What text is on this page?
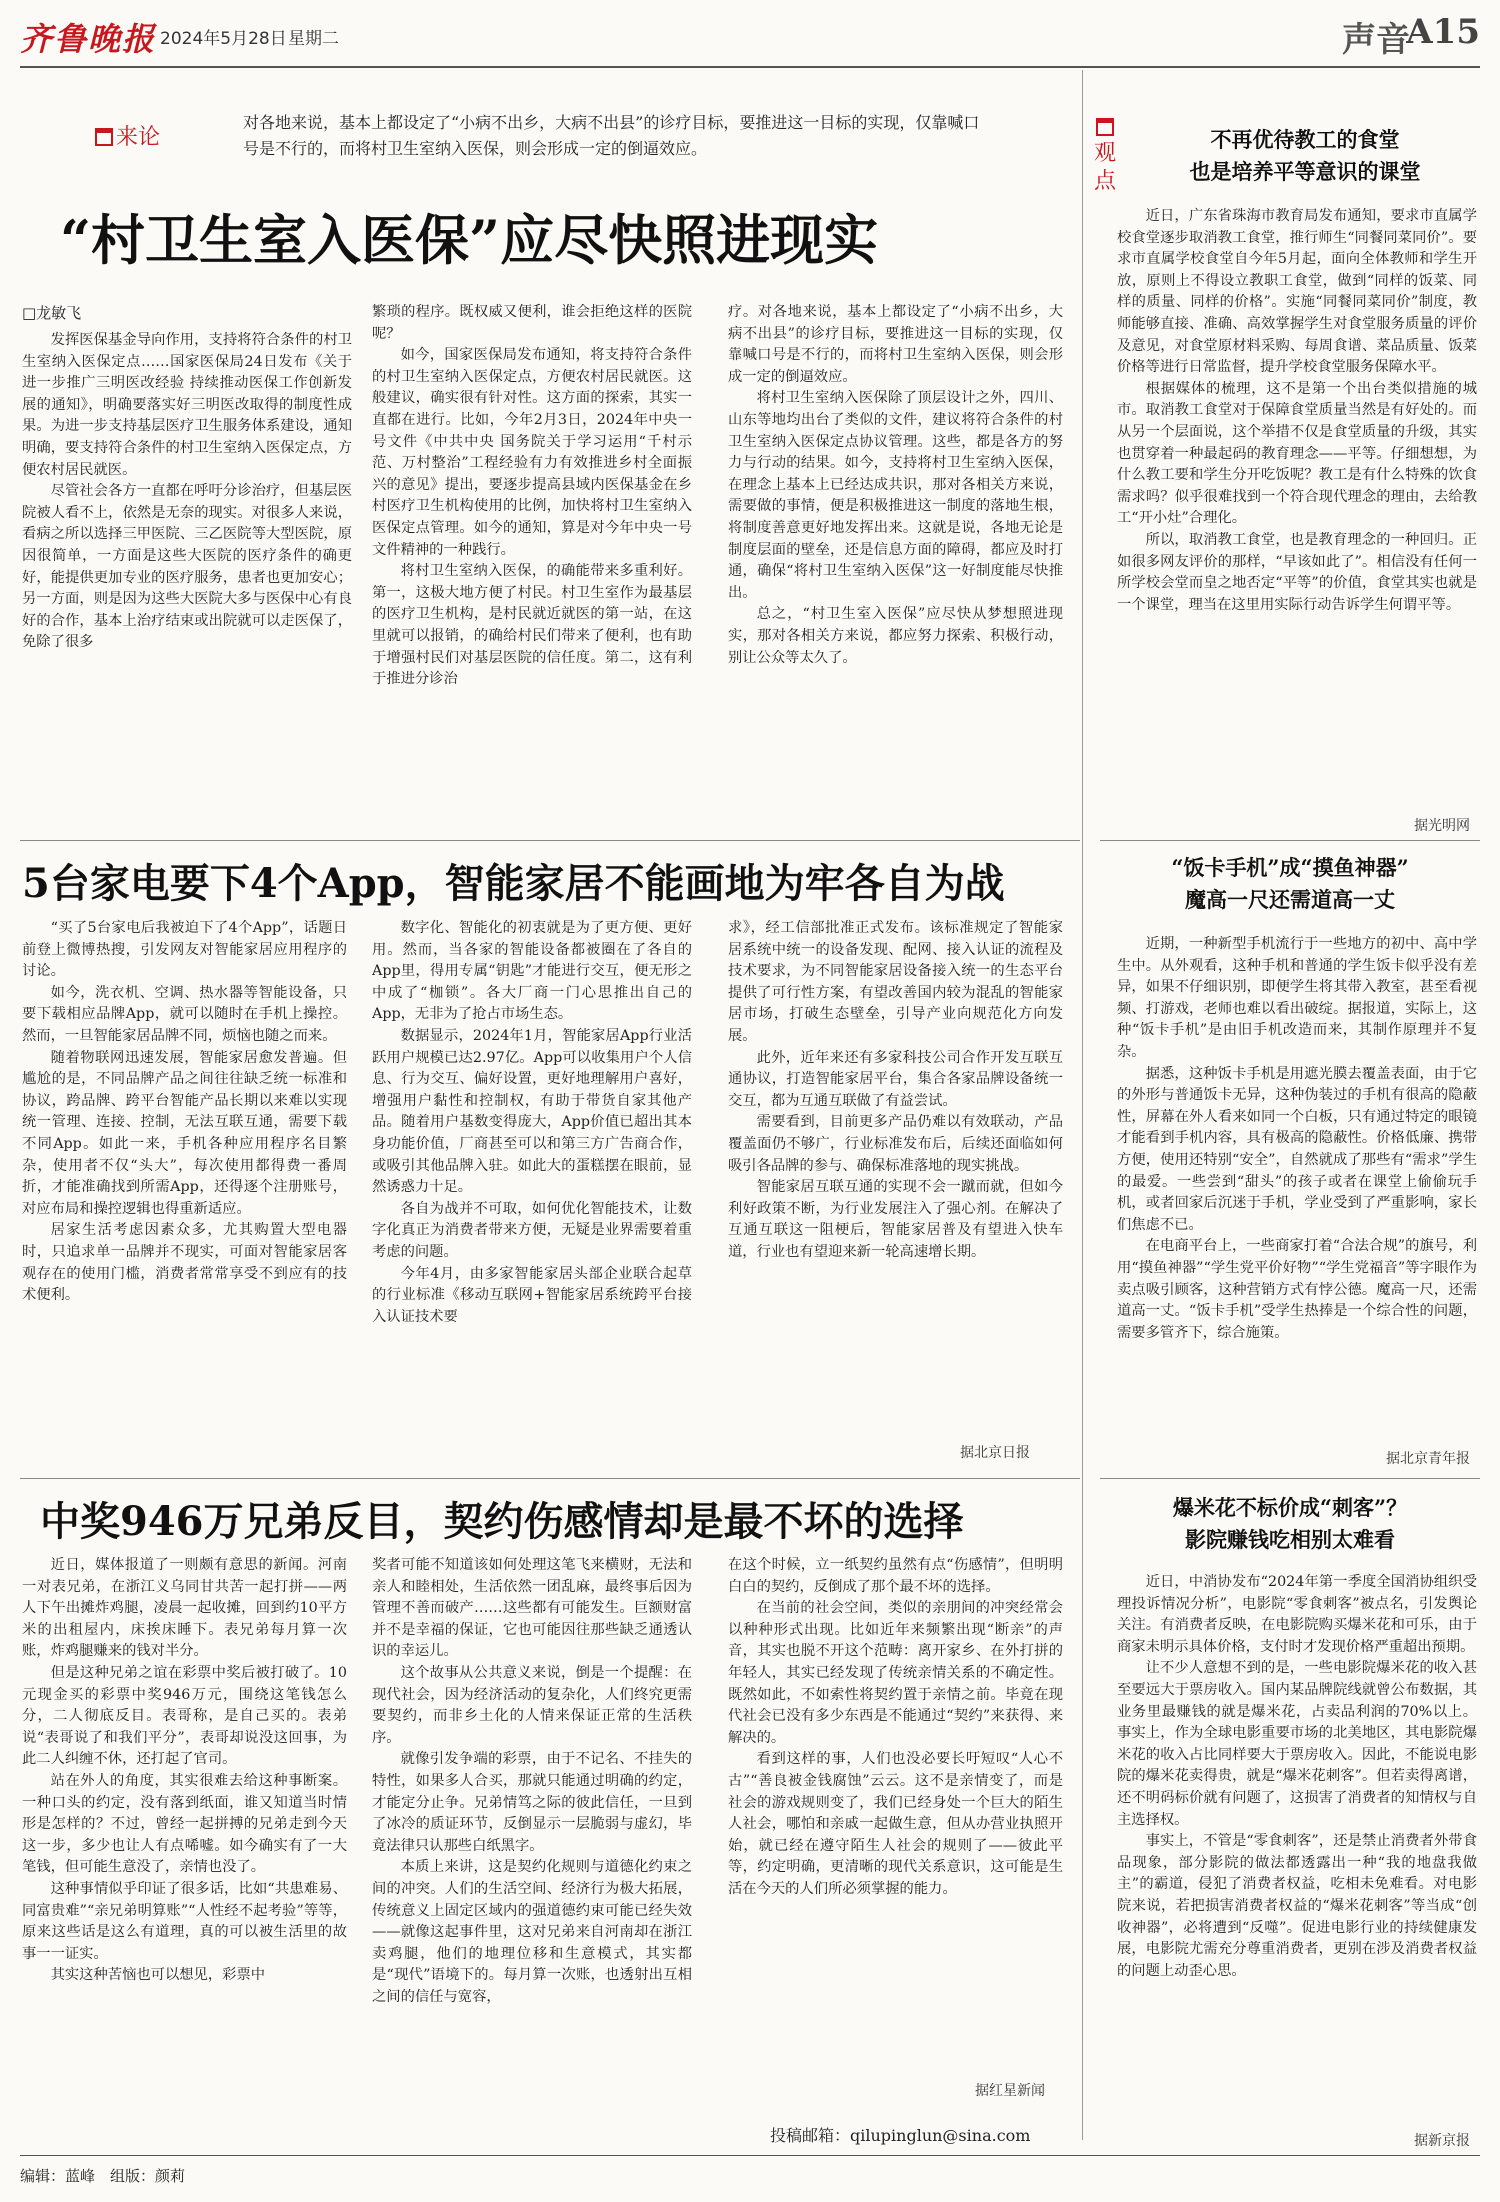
齐鲁晚报 2024年5月28日 星期二	声音
A15
来论
对各地来说，基本上都设定了“小病不出乡，大病不出县”的诊疗目标，要推进这一目标的实现，仅靠喊口号是不行的，而将村卫生室纳入医保，则会形成一定的倒逼效应。
“村卫生室入医保”应尽快照进现实
□龙敏飞

发挥医保基金导向作用，支持将符合条件的村卫生室纳入医保定点……国家医保局24日发布《关于进一步推广三明医改经验 持续推动医保工作创新发展的通知》，明确要落实好三明医改取得的制度性成果。为进一步支持基层医疗卫生服务体系建设，通知明确，要支持符合条件的村卫生室纳入医保定点，方便农村居民就医。

尽管社会各方一直都在呼吁分诊治疗，但基层医院被人看不上，依然是无奈的现实。对很多人来说，看病之所以选择三甲医院、三乙医院等大型医院，原因很简单，一方面是这些大医院的医疗条件的确更好，能提供更加专业的医疗服务，患者也更加安心；另一方面，则是因为这些大医院大多与医保中心有良好的合作，基本上治疗结束或出院就可以走医保了，免除了很多

繁琐的程序。既权威又便利，谁会拒绝这样的医院呢？

如今，国家医保局发布通知，将支持符合条件的村卫生室纳入医保定点，方便农村居民就医。这般建议，确实很有针对性。这方面的探索，其实一直都在进行。比如，今年2月3日，2024年中央一号文件《中共中央 国务院关于学习运用“千村示范、万村整治”工程经验有力有效推进乡村全面振兴的意见》提出，要逐步提高县域内医保基金在乡村医疗卫生机构使用的比例，加快将村卫生室纳入医保定点管理。如今的通知，算是对今年中央一号文件精神的一种践行。

将村卫生室纳入医保，的确能带来多重利好。第一，这极大地方便了村民。村卫生室作为最基层的医疗卫生机构，是村民就近就医的第一站，在这里就可以报销，的确给村民们带来了便利，也有助于增强村民们对基层医院的信任度。第二，这有利于推进分诊治

疗。对各地来说，基本上都设定了“小病不出乡，大病不出县”的诊疗目标，要推进这一目标的实现，仅靠喊口号是不行的，而将村卫生室纳入医保，则会形成一定的倒逼效应。

将村卫生室纳入医保除了顶层设计之外，四川、山东等地均出台了类似的文件，建议将符合条件的村卫生室纳入医保定点协议管理。这些，都是各方的努力与行动的结果。如今，支持将村卫生室纳入医保，在理念上基本上已经达成共识，那对各相关方来说，需要做的事情，便是积极推进这一制度的落地生根，将制度善意更好地发挥出来。这就是说，各地无论是制度层面的壁垒，还是信息方面的障碍，都应及时打通，确保“将村卫生室纳入医保”这一好制度能尽快推出。

总之，“村卫生室入医保”应尽快从梦想照进现实，那对各相关方来说，都应努力探索、积极行动，别让公众等太久了。

5台家电要下4个App，智能家居不能画地为牢各自为战

“买了5台家电后我被迫下了4个App”，话题日前登上微博热搜，引发网友对智能家居应用程序的讨论。

如今，洗衣机、空调、热水器等智能设备，只要下载相应品牌App，就可以随时在手机上操控。然而，一旦智能家居品牌不同，烦恼也随之而来。

随着物联网迅速发展，智能家居愈发普遍。但尴尬的是，不同品牌产品之间往往缺乏统一标准和协议，跨品牌、跨平台智能产品长期以来难以实现统一管理、连接、控制，无法互联互通，需要下载不同App。如此一来，手机各种应用程序名目繁杂，使用者不仅“头大”，每次使用都得费一番周折，才能准确找到所需App，还得逐个注册账号，对应布局和操控逻辑也得重新适应。

居家生活考虑因素众多，尤其购置大型电器时，只追求单一品牌并不现实，可面对智能家居客观存在的使用门槛，消费者常常享受不到应有的技术便利。

数字化、智能化的初衷就是为了更方便、更好用。然而，当各家的智能设备都被圈在了各自的App里，得用专属“钥匙”才能进行交互，便无形之中成了“枷锁”。各大厂商一门心思推出自己的App，无非为了抢占市场生态。

数据显示，2024年1月，智能家居App行业活跃用户规模已达2.97亿。App可以收集用户个人信息、行为交互、偏好设置，更好地理解用户喜好，增强用户黏性和控制权，有助于带货自家其他产品。随着用户基数变得庞大，App价值已超出其本身功能价值，厂商甚至可以和第三方广告商合作，或吸引其他品牌入驻。如此大的蛋糕摆在眼前，显然诱惑力十足。

各自为战并不可取，如何优化智能技术，让数字化真正为消费者带来方便，无疑是业界需要着重考虑的问题。

今年4月，由多家智能家居头部企业联合起草的行业标准《移动互联网+智能家居系统跨平台接入认证技术要

求》，经工信部批准正式发布。该标准规定了智能家居系统中统一的设备发现、配网、接入认证的流程及技术要求，为不同智能家居设备接入统一的生态平台提供了可行性方案，有望改善国内较为混乱的智能家居市场，打破生态壁垒，引导产业向规范化方向发展。

此外，近年来还有多家科技公司合作开发互联互通协议，打造智能家居平台，集合各家品牌设备统一交互，都为互通互联做了有益尝试。

需要看到，目前更多产品仍难以有效联动，产品覆盖面仍不够广，行业标准发布后，后续还面临如何吸引各品牌的参与、确保标准落地的现实挑战。

智能家居互联互通的实现不会一蹴而就，但如今利好政策不断，为行业发展注入了强心剂。在解决了互通互联这一阻梗后，智能家居普及有望进入快车道，行业也有望迎来新一轮高速增长期。

据北京日报
中奖946万兄弟反目，契约伤感情却是最不坏的选择

近日，媒体报道了一则颇有意思的新闻。河南一对表兄弟，在浙江义乌同甘共苦一起打拼——两人下午出摊炸鸡腿，凌晨一起收摊，回到约10平方米的出租屋内，床挨床睡下。表兄弟每月算一次账，炸鸡腿赚来的钱对半分。

但是这种兄弟之谊在彩票中奖后被打破了。10元现金买的彩票中奖946万元，围绕这笔钱怎么分，二人彻底反目。表哥称，是自己买的。表弟说“表哥说了和我们平分”，表哥却说没这回事，为此二人纠缠不休，还打起了官司。

站在外人的角度，其实很难去给这种事断案。一种口头的约定，没有落到纸面，谁又知道当时情形是怎样的？不过，曾经一起拼搏的兄弟走到今天这一步，多少也让人有点唏嘘。如今确实有了一大笔钱，但可能生意没了，亲情也没了。

这种事情似乎印证了很多话，比如“共患难易、同富贵难”“亲兄弟明算账”“人性经不起考验”等等，原来这些话是这么有道理，真的可以被生活里的故事一一证实。

其实这种苦恼也可以想见，彩票中

奖者可能不知道该如何处理这笔飞来横财，无法和亲人和睦相处，生活依然一团乱麻，最终事后因为管理不善而破产……这些都有可能发生。巨额财富并不是幸福的保证，它也可能因往那些缺乏通透认识的幸运儿。

这个故事从公共意义来说，倒是一个提醒：在现代社会，因为经济活动的复杂化，人们终究更需要契约，而非乡土化的人情来保证正常的生活秩序。

就像引发争端的彩票，由于不记名、不挂失的特性，如果多人合买，那就只能通过明确的约定，才能定分止争。兄弟情笃之际的彼此信任，一旦到了冰冷的质证环节，反倒显示一层脆弱与虚幻，毕竟法律只认那些白纸黑字。

本质上来讲，这是契约化规则与道德化约束之间的冲突。人们的生活空间、经济行为极大拓展，传统意义上固定区域内的强道德约束可能已经失效——就像这起事件里，这对兄弟来自河南却在浙江卖鸡腿，他们的地理位移和生意模式，其实都是“现代”语境下的。每月算一次账，也透射出互相之间的信任与宽容，

在这个时候，立一纸契约虽然有点“伤感情”，但明明白白的契约，反倒成了那个最不坏的选择。

在当前的社会空间，类似的亲朋间的冲突经常会以种种形式出现。比如近年来频繁出现“断亲”的声音，其实也脱不开这个范畴：离开家乡、在外打拼的年轻人，其实已经发现了传统亲情关系的不确定性。既然如此，不如索性将契约置于亲情之前。毕竟在现代社会已没有多少东西是不能通过“契约”来获得、来解决的。

看到这样的事，人们也没必要长吁短叹“人心不古”“善良被金钱腐蚀”云云。这不是亲情变了，而是社会的游戏规则变了，我们已经身处一个巨大的陌生人社会，哪怕和亲戚一起做生意，但从办营业执照开始，就已经在遵守陌生人社会的规则了——彼此平等，约定明确，更清晰的现代关系意识，这可能是生活在今天的人们所必须掌握的能力。

据红星新闻
投稿邮箱：qilupinglun@sina.com
观点
不再优待教工的食堂
也是培养平等意识的课堂

近日，广东省珠海市教育局发布通知，要求市直属学校食堂逐步取消教工食堂，推行师生“同餐同菜同价”。要求市直属学校食堂自今年5月起，面向全体教师和学生开放，原则上不得设立教职工食堂，做到“同样的饭菜、同样的质量、同样的价格”。实施“同餐同菜同价”制度，教师能够直接、准确、高效掌握学生对食堂服务质量的评价及意见，对食堂原材料采购、每周食谱、菜品质量、饭菜价格等进行日常监督，提升学校食堂服务保障水平。

根据媒体的梳理，这不是第一个出台类似措施的城市。取消教工食堂对于保障食堂质量当然是有好处的。而从另一个层面说，这个举措不仅是食堂质量的升级，其实也贯穿着一种最起码的教育理念——平等。仔细想想，为什么教工要和学生分开吃饭呢？教工是有什么特殊的饮食需求吗？似乎很难找到一个符合现代理念的理由，去给教工“开小灶”合理化。

所以，取消教工食堂，也是教育理念的一种回归。正如很多网友评价的那样，“早该如此了”。相信没有任何一所学校会堂而皇之地否定“平等”的价值，食堂其实也就是一个课堂，理当在这里用实际行动告诉学生何谓平等。

据光明网
“饭卡手机”成“摸鱼神器”
魔高一尺还需道高一丈

近期，一种新型手机流行于一些地方的初中、高中学生中。从外观看，这种手机和普通的学生饭卡似乎没有差异，如果不仔细识别，即便学生将其带入教室，甚至看视频、打游戏，老师也难以看出破绽。据报道，实际上，这种“饭卡手机”是由旧手机改造而来，其制作原理并不复杂。

据悉，这种饭卡手机是用遮光膜去覆盖表面，由于它的外形与普通饭卡无异，这种伪装过的手机有很高的隐蔽性，屏幕在外人看来如同一个白板，只有通过特定的眼镜才能看到手机内容，具有极高的隐蔽性。价格低廉、携带方便，使用还特别“安全”，自然就成了那些有“需求”学生的最爱。一些尝到“甜头”的孩子或者在课堂上偷偷玩手机，或者回家后沉迷于手机，学业受到了严重影响，家长们焦虑不已。

在电商平台上，一些商家打着“合法合规”的旗号，利用“摸鱼神器”“学生党平价好物”“学生党福音”等字眼作为卖点吸引顾客，这种营销方式有悖公德。魔高一尺，还需道高一丈。“饭卡手机”受学生热捧是一个综合性的问题，需要多管齐下，综合施策。

据北京青年报
爆米花不标价成“刺客”？
影院赚钱吃相别太难看

近日，中消协发布“2024年第一季度全国消协组织受理投诉情况分析”，电影院“零食刺客”被点名，引发舆论关注。有消费者反映，在电影院购买爆米花和可乐，由于商家未明示具体价格，支付时才发现价格严重超出预期。

让不少人意想不到的是，一些电影院爆米花的收入甚至要远大于票房收入。国内某品牌院线就曾公布数据，其业务里最赚钱的就是爆米花，占卖品利润的70%以上。事实上，作为全球电影重要市场的北美地区，其电影院爆米花的收入占比同样要大于票房收入。因此，不能说电影院的爆米花卖得贵，就是“爆米花刺客”。但若卖得离谱，还不明码标价就有问题了，这损害了消费者的知情权与自主选择权。

事实上，不管是“零食刺客”，还是禁止消费者外带食品现象，部分影院的做法都透露出一种“我的地盘我做主”的霸道，侵犯了消费者权益，吃相未免难看。对电影院来说，若把损害消费者权益的“爆米花刺客”等当成“创收神器”，必将遭到“反噬”。促进电影行业的持续健康发展，电影院尤需充分尊重消费者，更别在涉及消费者权益的问题上动歪心思。

据新京报
编辑：蓝峰　组版：颜莉
